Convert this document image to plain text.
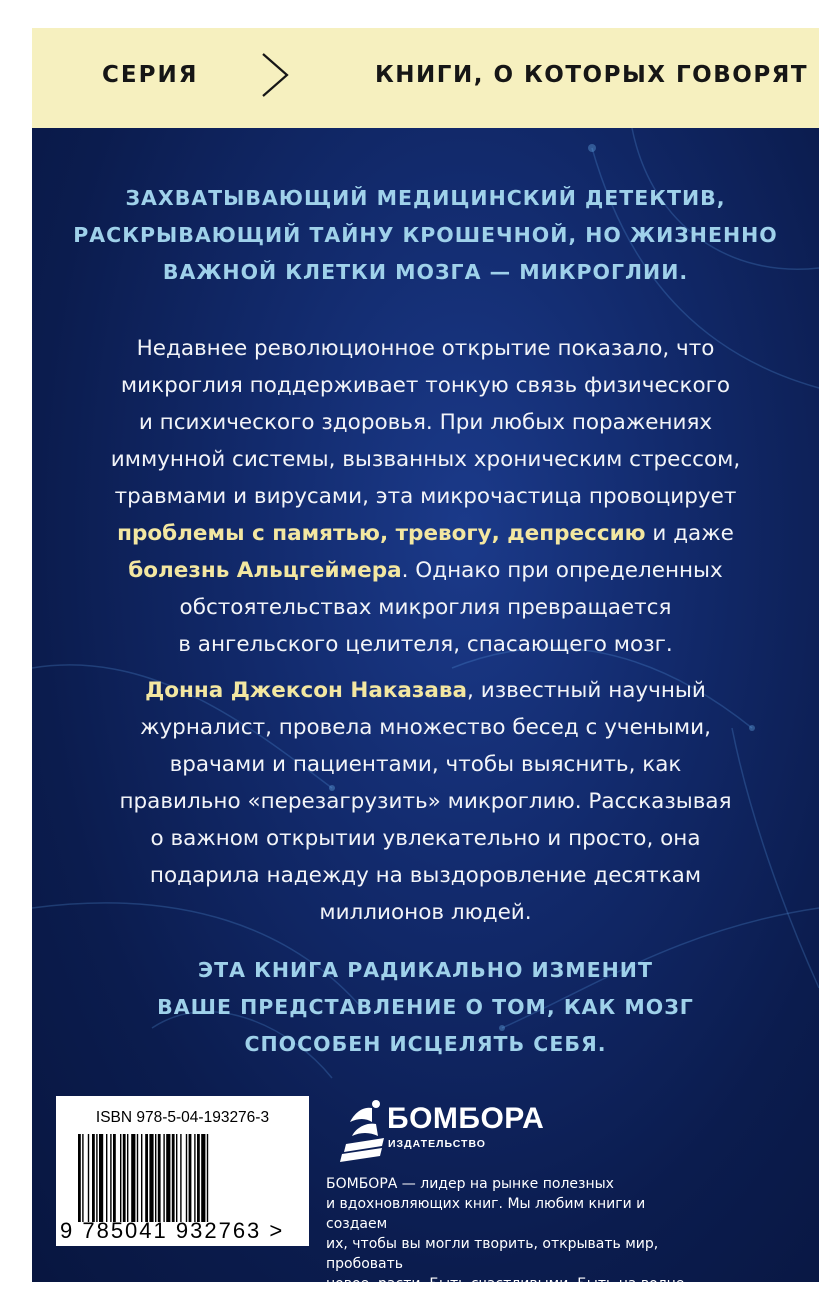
СЕРИЯ	КНИГИ, О КОТОРЫХ ГОВОРЯТ
ЗАХВАТЫВАЮЩИЙ МЕДИЦИНСКИЙ ДЕТЕКТИВ,
РАСКРЫВАЮЩИЙ ТАЙНУ КРОШЕЧНОЙ, НО ЖИЗНЕННО
ВАЖНОЙ КЛЕТКИ МОЗГА — МИКРОГЛИИ.
Недавнее революционное открытие показало, что
микроглия поддерживает тонкую связь физического
и психического здоровья. При любых поражениях
иммунной системы, вызванных хроническим стрессом,
травмами и вирусами, эта микрочастица провоцирует
проблемы с памятью, тревогу, депрессию и даже
болезнь Альцгеймера. Однако при определенных
обстоятельствах микроглия превращается
в ангельского целителя, спасающего мозг.
Донна Джексон Наказава, известный научный
журналист, провела множество бесед с учеными,
врачами и пациентами, чтобы выяснить, как
правильно «перезагрузить» микроглию. Рассказывая
о важном открытии увлекательно и просто, она
подарила надежду на выздоровление десяткам
миллионов людей.
ЭТА КНИГА РАДИКАЛЬНО ИЗМЕНИТ
ВАШЕ ПРЕДСТАВЛЕНИЕ О ТОМ, КАК МОЗГ
СПОСОБЕН ИСЦЕЛЯТЬ СЕБЯ.
ISBN 978-5-04-193276-3
9 785041 932763 >
БОМБОРА
ИЗДАТЕЛЬСТВО
БОМБОРА — лидер на рынке полезных
и вдохновляющих книг. Мы любим книги и создаем
их, чтобы вы могли творить, открывать мир, пробовать
новое, расти. Быть счастливыми. Быть на волне.
